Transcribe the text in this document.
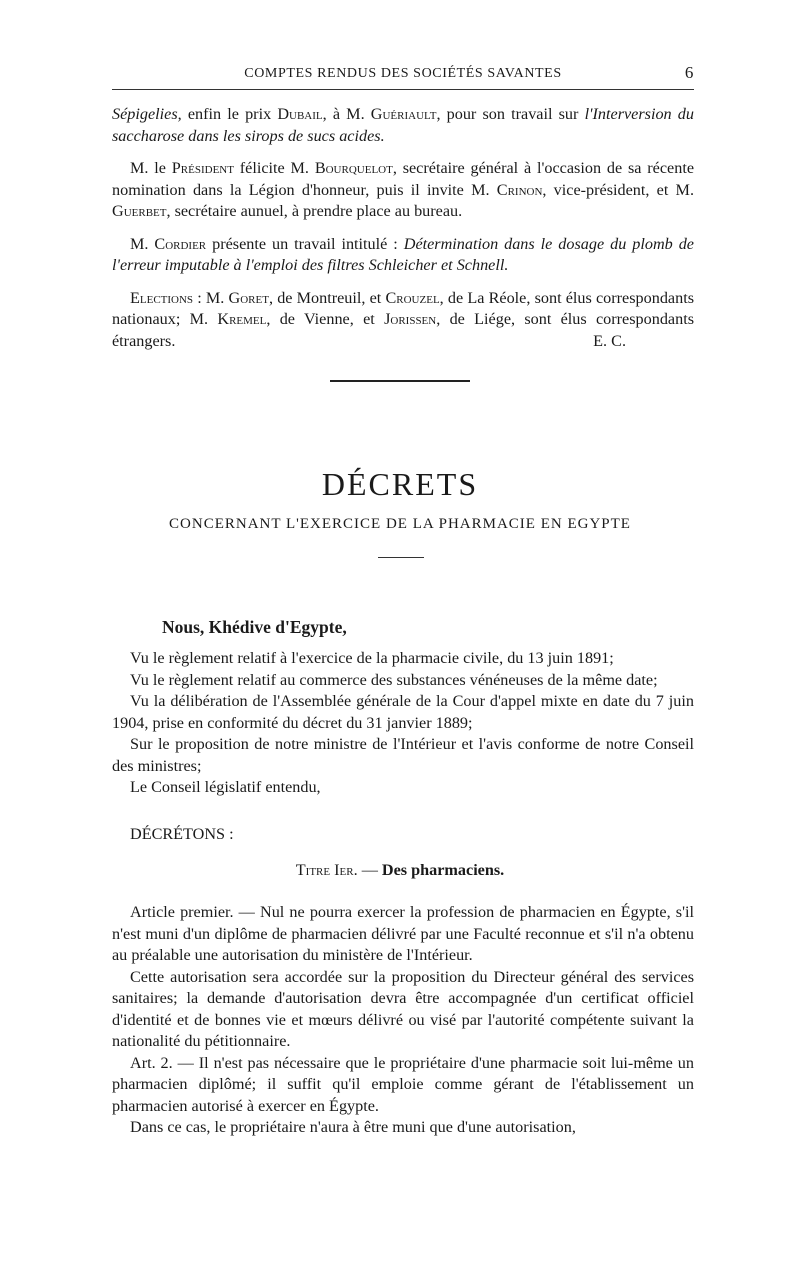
COMPTES RENDUS DES SOCIÉTÉS SAVANTES	6

Sépigelies, enfin le prix Dubail, à M. Guériault, pour son travail sur l'Interversion du saccharose dans les sirops de sucs acides.

M. le Président félicite M. Bourquelot, secrétaire général à l'occasion de sa récente nomination dans la Légion d'honneur, puis il invite M. Crinon, vice-président, et M. Guerbet, secrétaire aunuel, à prendre place au bureau.

M. Cordier présente un travail intitulé : Détermination dans le dosage du plomb de l'erreur imputable à l'emploi des filtres Schleicher et Schnell.

Elections : M. Goret, de Montreuil, et Crouzel, de La Réole, sont élus correspondants nationaux; M. Kremel, de Vienne, et Jorissen, de Liége, sont élus correspondants étrangers.	E. C.

DÉCRETS
CONCERNANT L'EXERCICE DE LA PHARMACIE EN EGYPTE
Nous, Khédive d'Egypte,

Vu le règlement relatif à l'exercice de la pharmacie civile, du 13 juin 1891;

Vu le règlement relatif au commerce des substances vénéneuses de la même date;

Vu la délibération de l'Assemblée générale de la Cour d'appel mixte en date du 7 juin 1904, prise en conformité du décret du 31 janvier 1889;

Sur le proposition de notre ministre de l'Intérieur et l'avis conforme de notre Conseil des ministres;

Le Conseil législatif entendu,

DÉCRÉTONS :
Titre Ier. — Des pharmaciens.

Article premier. — Nul ne pourra exercer la profession de pharmacien en Égypte, s'il n'est muni d'un diplôme de pharmacien délivré par une Faculté reconnue et s'il n'a obtenu au préalable une autorisation du ministère de l'Intérieur.

Cette autorisation sera accordée sur la proposition du Directeur général des services sanitaires; la demande d'autorisation devra être accompagnée d'un certificat officiel d'identité et de bonnes vie et mœurs délivré ou visé par l'autorité compétente suivant la nationalité du pétitionnaire.

Art. 2. — Il n'est pas nécessaire que le propriétaire d'une pharmacie soit lui-même un pharmacien diplômé; il suffit qu'il emploie comme gérant de l'établissement un pharmacien autorisé à exercer en Égypte.

Dans ce cas, le propriétaire n'aura à être muni que d'une autorisation,
